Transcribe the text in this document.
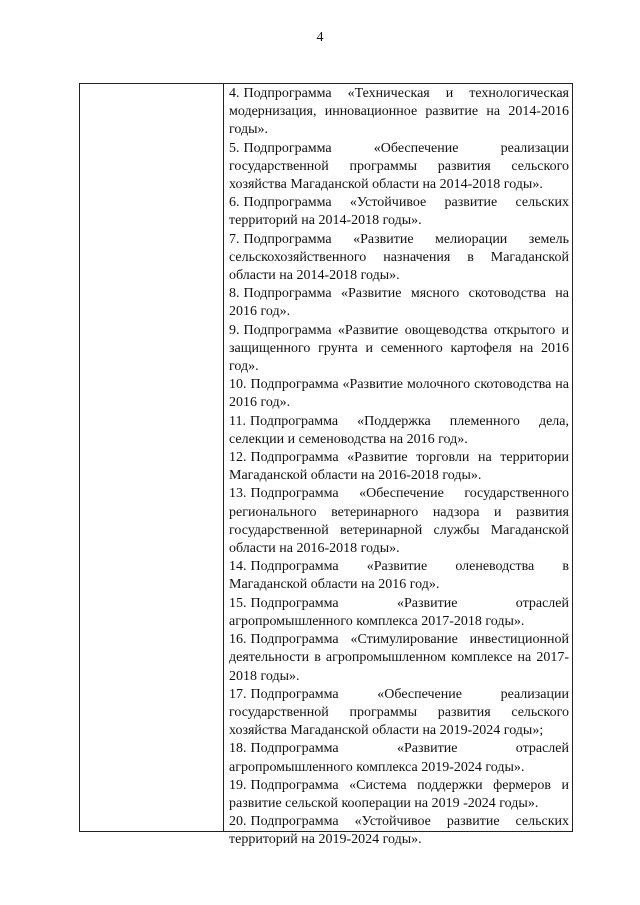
4

4. Подпрограмма «Техническая и технологическая модернизация, инновационное развитие на 2014-2016 годы».

5. Подпрограмма «Обеспечение реализации государственной программы развития сельского хозяйства Магаданской области на 2014-2018 годы».

6. Подпрограмма «Устойчивое развитие сельских территорий на 2014-2018 годы».

7. Подпрограмма «Развитие мелиорации земель сельскохозяйственного назначения в Магаданской области на 2014-2018 годы».

8. Подпрограмма «Развитие мясного скотоводства на 2016 год».

9. Подпрограмма «Развитие овощеводства открытого и защищенного грунта и семенного картофеля на 2016 год».

10. Подпрограмма «Развитие молочного скотоводства на 2016 год».

11. Подпрограмма «Поддержка племенного дела, селекции и семеноводства на 2016 год».

12. Подпрограмма «Развитие торговли на территории Магаданской области на 2016-2018 годы».

13. Подпрограмма «Обеспечение государственного регионального ветеринарного надзора и развития государственной ветеринарной службы Магаданской области на 2016-2018 годы».

14. Подпрограмма «Развитие оленеводства в Магаданской области на 2016 год».

15. Подпрограмма «Развитие отраслей агропромышленного комплекса 2017-2018 годы».

16. Подпрограмма «Стимулирование инвестиционной деятельности в агропромышленном комплексе на 2017-2018 годы».

17. Подпрограмма «Обеспечение реализации государственной программы развития сельского хозяйства Магаданской области на 2019-2024 годы»;

18. Подпрограмма «Развитие отраслей агропромышленного комплекса 2019-2024 годы».

19. Подпрограмма «Система поддержки фермеров и развитие сельской кооперации на 2019 -2024 годы».

20. Подпрограмма «Устойчивое развитие сельских территорий на 2019-2024 годы».
